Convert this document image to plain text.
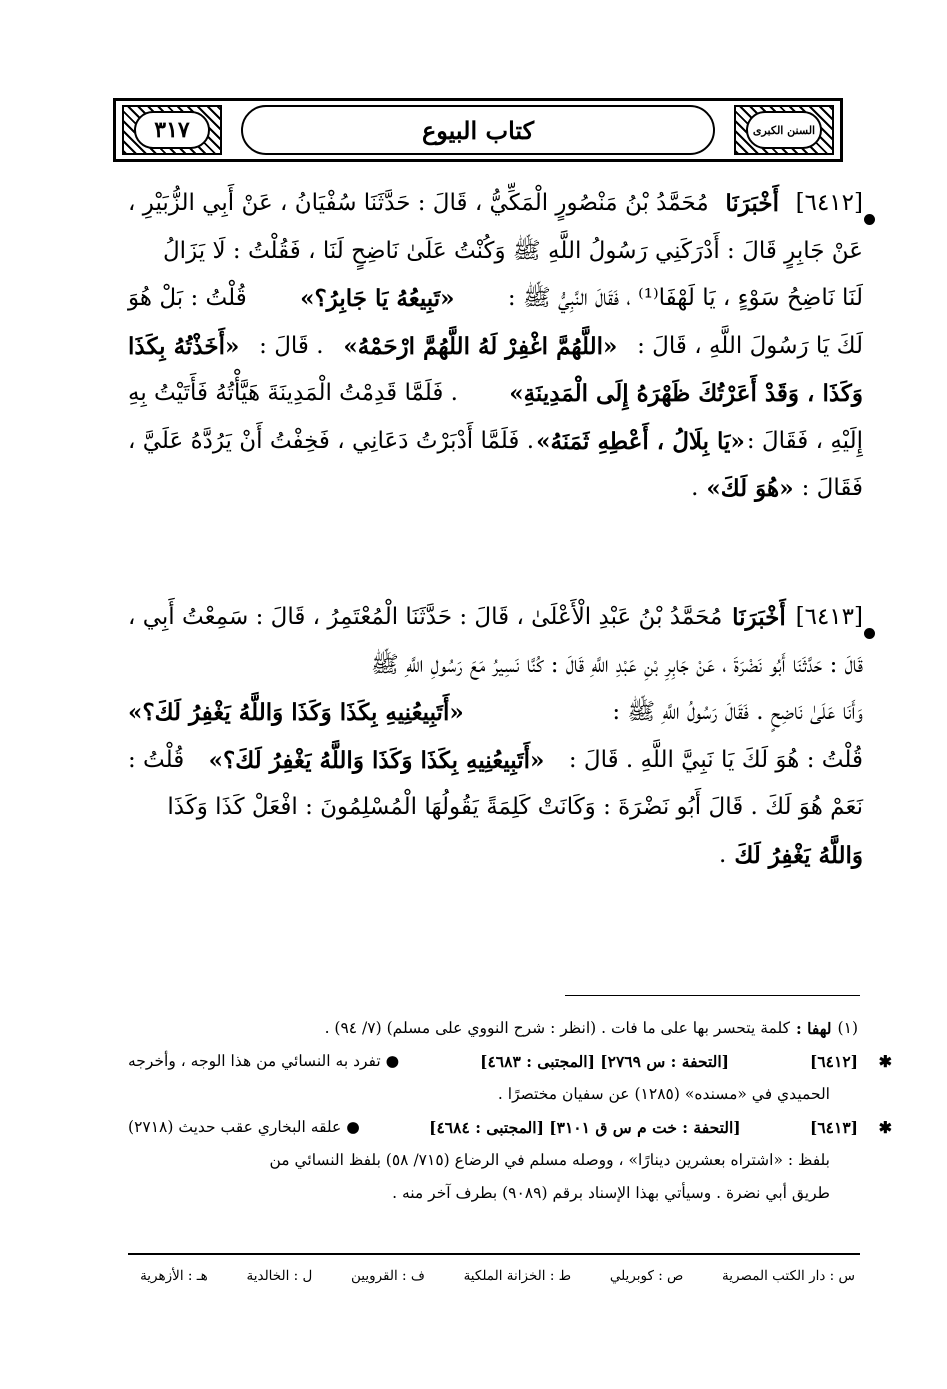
٣١٧	كتاب البيوع	السنن الكبرى
[٦٤١٢]
أَخْبَرَنَا
مُحَمَّدُ بْنُ مَنْصُورٍ الْمَكِّيُّ ، قَالَ : حَدَّثَنَا سُفْيَانُ ، عَنْ أَبِي الزُّبَيْرِ ،
عَنْ جَابِرٍ قَالَ : أَدْرَكَنِي رَسُولُ اللَّهِ ﷺ وَكُنْتُ عَلَىٰ نَاضِحٍ لَنَا ، فَقُلْتُ : لَا يَزَالُ
لَنَا نَاضِحُ سَوْءٍ ، يَا لَهْفَا⁽¹⁾ ، فَقَالَ النَّبِيُّ ﷺ :
«تَبِيعُهُ يَا جَابِرُ؟»
قُلْتُ : بَلْ هُوَ
لَكَ يَا رَسُولَ اللَّهِ ، قَالَ :
«اللَّهُمَّ اغْفِرْ لَهُ اللَّهُمَّ ارْحَمْهُ»
. قَالَ :
«أَخَذْتُهُ بِكَذَا
وَكَذَا ، وَقَدْ أَعَرْتُكَ ظَهْرَهُ إِلَى الْمَدِينَةِ»
. فَلَمَّا قَدِمْتُ الْمَدِينَةَ هَيَّأْتُهُ فَأَتَيْتُ بِهِ
إِلَيْهِ ، فَقَالَ :
«يَا بِلَالُ ، أَعْطِهِ ثَمَنَهُ»
. فَلَمَّا أَدْبَرْتُ دَعَانِي ، فَخِفْتُ أَنْ يَرُدَّهُ عَلَيَّ ،
فَقَالَ :
«هُوَ لَكَ»
.
[٦٤١٣]
أَخْبَرَنَا
مُحَمَّدُ بْنُ عَبْدِ الْأَعْلَىٰ ، قَالَ : حَدَّثَنَا الْمُعْتَمِرُ ، قَالَ : سَمِعْتُ أَبِي ،
قَالَ : حَدَّثَنَا أَبُو نَضْرَةَ ، عَنْ جَابِرِ بْنِ عَبْدِ اللَّهِ قَالَ : كُنَّا نَسِيرُ مَعَ رَسُولِ اللَّهِ ﷺ
وَأَنَا عَلَىٰ نَاضِحٍ . فَقَالَ رَسُولُ اللَّهِ ﷺ :
«أَتَبِيعُنِيهِ بِكَذَا وَكَذَا وَاللَّهُ يَغْفِرُ لَكَ؟»
قُلْتُ : هُوَ لَكَ يَا نَبِيَّ اللَّهِ . قَالَ :
«أَتَبِيعُنِيهِ بِكَذَا وَكَذَا وَاللَّهُ يَغْفِرُ لَكَ؟»
قُلْتُ :
نَعَمْ هُوَ لَكَ . قَالَ أَبُو نَضْرَةَ : وَكَانَتْ كَلِمَةً يَقُولُهَا الْمُسْلِمُونَ : افْعَلْ كَذَا وَكَذَا
وَاللَّهُ يَغْفِرُ لَكَ
.
(١)
لهفا :
كلمة يتحسر بها على ما فات . (انظر : شرح النووي على مسلم) (٧/ ٩٤) .
✱
[٦٤١٢]
[التحفة : س ٢٧٦٩] [المجتبى : ٤٦٨٣]
● تفرد به النسائي من هذا الوجه ، وأخرجه
الحميدي في «مسنده» (١٢٨٥) عن سفيان مختصرًا .
✱
[٦٤١٣]
[التحفة : خت م س ق ٣١٠١] [المجتبى : ٤٦٨٤]
● علقه البخاري عقب حديث (٢٧١٨)
بلفظ : «اشتراه بعشرين دينارًا» ، ووصله مسلم في الرضاع (٧١٥/ ٥٨) بلفظ النسائي من
طريق أبي نضرة . وسيأتي بهذا الإسناد برقم (٩٠٨٩) بطرف آخر منه .
س : دار الكتب المصرية
ص : كوبريلي
ط : الخزانة الملكية
ف : القرويين
ل : الخالدية
هـ : الأزهرية
